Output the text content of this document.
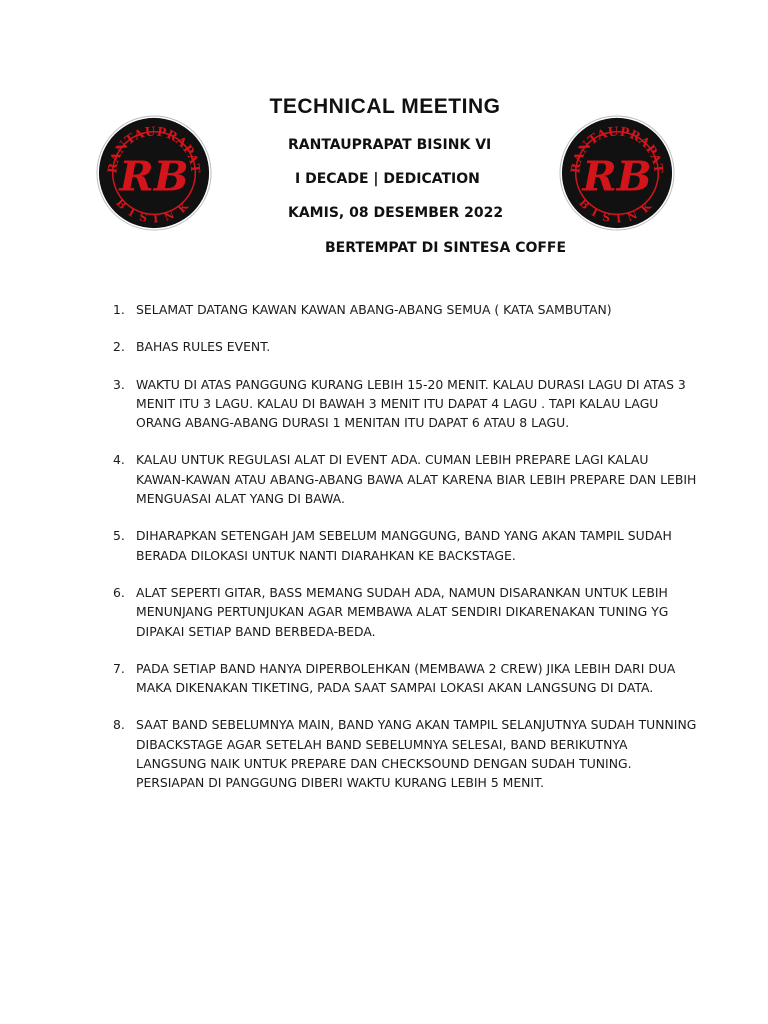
RANTAUPRAPAT
BISINK
RB	RANTAUPRAPAT
BISINK
RB
TECHNICAL MEETING
RANTAUPRAPAT BISINK VI
I DECADE | DEDICATION
KAMIS, 08 DESEMBER 2022
BERTEMPAT DI SINTESA COFFE
1. SELAMAT DATANG KAWAN KAWAN ABANG-ABANG SEMUA ( KATA SAMBUTAN)
2. BAHAS RULES EVENT.
3. WAKTU DI ATAS PANGGUNG KURANG LEBIH 15-20 MENIT. KALAU DURASI LAGU DI ATAS 3 MENIT ITU 3 LAGU. KALAU DI BAWAH 3 MENIT ITU DAPAT 4 LAGU . TAPI KALAU LAGU ORANG ABANG-ABANG DURASI 1 MENITAN ITU DAPAT 6 ATAU 8 LAGU.
4. KALAU UNTUK REGULASI ALAT DI EVENT ADA. CUMAN LEBIH PREPARE LAGI KALAU KAWAN-KAWAN ATAU ABANG-ABANG BAWA ALAT KARENA BIAR LEBIH PREPARE DAN LEBIH MENGUASAI ALAT YANG DI BAWA.
5. DIHARAPKAN SETENGAH JAM SEBELUM MANGGUNG, BAND YANG AKAN TAMPIL SUDAH BERADA DILOKASI UNTUK NANTI DIARAHKAN KE BACKSTAGE.
6. ALAT SEPERTI GITAR, BASS MEMANG SUDAH ADA, NAMUN DISARANKAN UNTUK LEBIH MENUNJANG PERTUNJUKAN AGAR MEMBAWA ALAT SENDIRI DIKARENAKAN TUNING YG DIPAKAI SETIAP BAND BERBEDA-BEDA.
7. PADA SETIAP BAND HANYA DIPERBOLEHKAN (MEMBAWA 2 CREW) JIKA LEBIH DARI DUA MAKA DIKENAKAN TIKETING, PADA SAAT SAMPAI LOKASI AKAN LANGSUNG DI DATA.
8. SAAT BAND SEBELUMNYA MAIN, BAND YANG AKAN TAMPIL SELANJUTNYA SUDAH TUNNING DIBACKSTAGE AGAR SETELAH BAND SEBELUMNYA SELESAI, BAND BERIKUTNYA LANGSUNG NAIK UNTUK PREPARE DAN CHECKSOUND DENGAN SUDAH TUNING. PERSIAPAN DI PANGGUNG DIBERI WAKTU KURANG LEBIH 5 MENIT.
